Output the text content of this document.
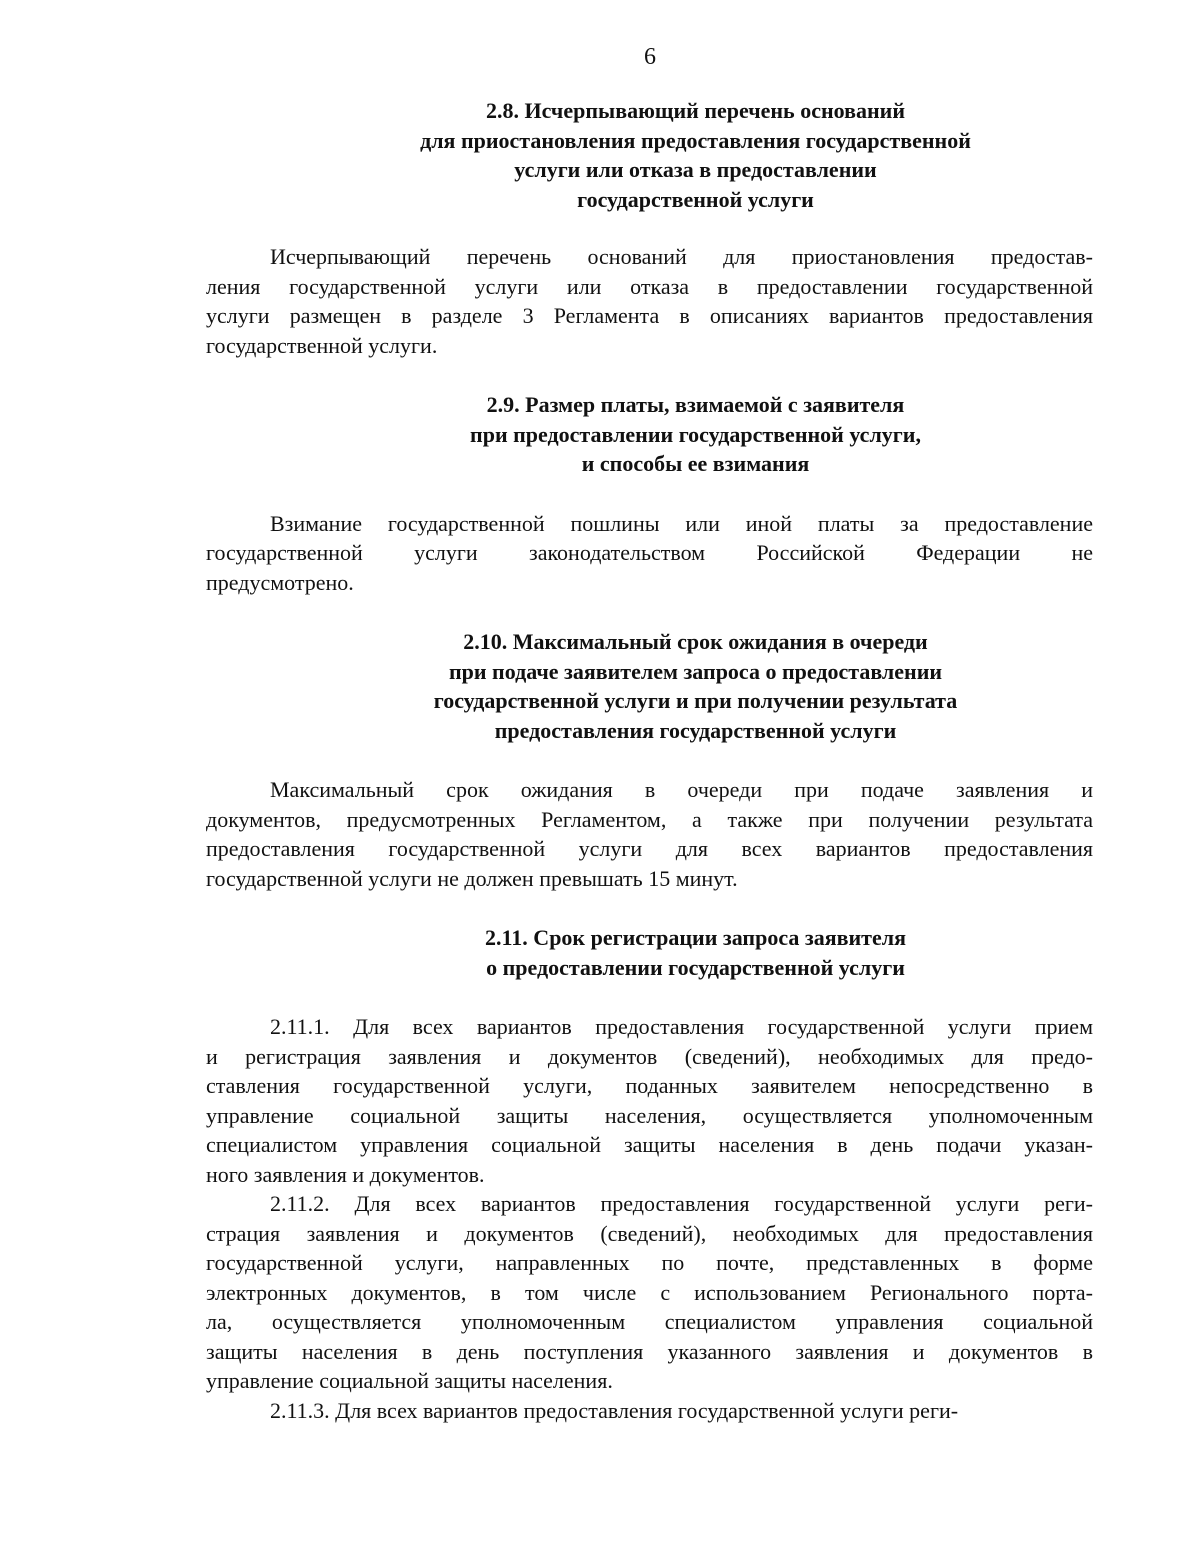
6
2.8. Исчерпывающий перечень оснований
для приостановления предоставления государственной
услуги или отказа в предоставлении
государственной услуги
Исчерпывающий перечень оснований для приостановления предостав-
ления государственной услуги или отказа в предоставлении государственной
услуги размещен в разделе 3 Регламента в описаниях вариантов предоставления
государственной услуги.
2.9. Размер платы, взимаемой с заявителя
при предоставлении государственной услуги,
и способы ее взимания
Взимание государственной пошлины или иной платы за предоставление
государственной услуги законодательством Российской Федерации не
предусмотрено.
2.10. Максимальный срок ожидания в очереди
при подаче заявителем запроса о предоставлении
государственной услуги и при получении результата
предоставления государственной услуги
Максимальный срок ожидания в очереди при подаче заявления и
документов, предусмотренных Регламентом, а также при получении результата
предоставления государственной услуги для всех вариантов предоставления
государственной услуги не должен превышать 15 минут.
2.11. Срок регистрации запроса заявителя
о предоставлении государственной услуги
2.11.1. Для всех вариантов предоставления государственной услуги прием
и регистрация заявления и документов (сведений), необходимых для предо-
ставления государственной услуги, поданных заявителем непосредственно в
управление социальной защиты населения, осуществляется уполномоченным
специалистом управления социальной защиты населения в день подачи указан-
ного заявления и документов.
2.11.2. Для всех вариантов предоставления государственной услуги реги-
страция заявления и документов (сведений), необходимых для предоставления
государственной услуги, направленных по почте, представленных в форме
электронных документов, в том числе с использованием Регионального порта-
ла, осуществляется уполномоченным специалистом управления социальной
защиты населения в день поступления указанного заявления и документов в
управление социальной защиты населения.
2.11.3. Для всех вариантов предоставления государственной услуги реги-
